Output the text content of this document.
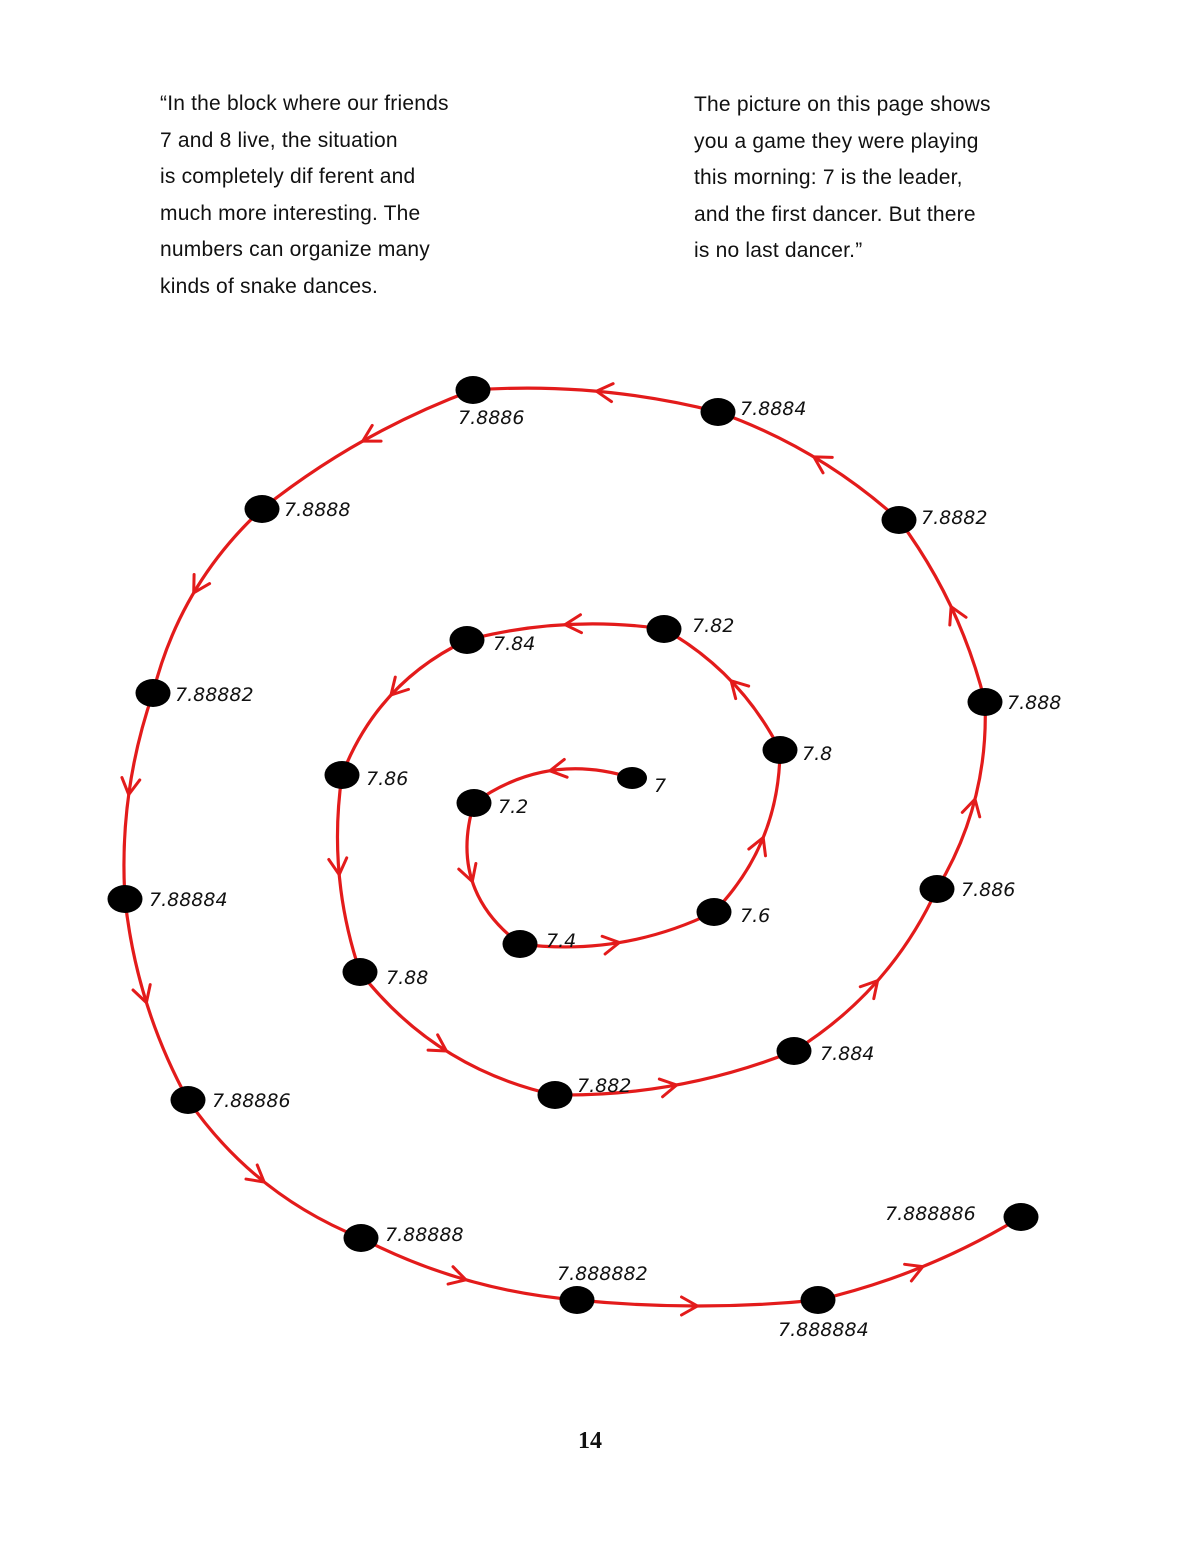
“In the block where our friends
7 and 8 live, the situation
is completely dif ferent and
much more interesting. The
numbers can organize many
kinds of snake dances.
The picture on this page shows
you a game they were playing
this morning: 7 is the leader,
and the first dancer. But there
is no last dancer.”
7
7.2
7.4
7.6
7.8
7.82
7.84
7.86
7.88
7.882
7.884
7.886
7.888
7.8882
7.8884
7.8886
7.8888
7.88882
7.88884
7.88886
7.88888
7.888882
7.888884
7.888886
14
